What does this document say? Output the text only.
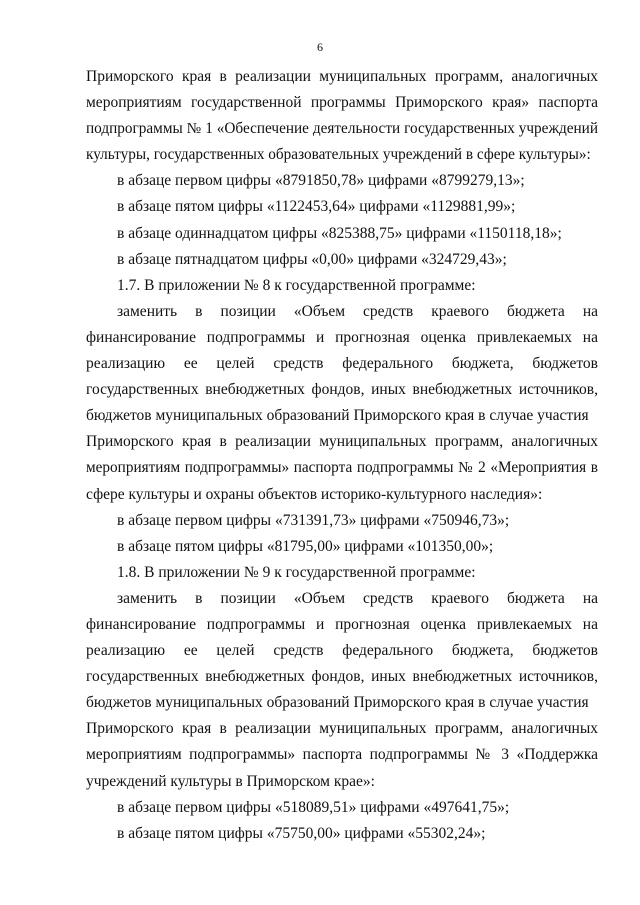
6
Приморского края в реализации муниципальных программ, аналогичных
мероприятиям государственной программы Приморского края» паспорта
подпрограммы № 1 «Обеспечение деятельности государственных учреждений
культуры, государственных образовательных учреждений в сфере культуры»:
в абзаце первом цифры «8791850,78» цифрами «8799279,13»;
в абзаце пятом цифры «1122453,64» цифрами «1129881,99»;
в абзаце одиннадцатом цифры «825388,75» цифрами «1150118,18»;
в абзаце пятнадцатом цифры «0,00» цифрами «324729,43»;
1.7. В приложении № 8 к государственной программе:
заменить в позиции «Объем средств краевого бюджета на
финансирование подпрограммы и прогнозная оценка привлекаемых на
реализацию ее целей средств федерального бюджета, бюджетов
государственных внебюджетных фондов, иных внебюджетных источников,
бюджетов муниципальных образований Приморского края в случае участия
Приморского края в реализации муниципальных программ, аналогичных
мероприятиям подпрограммы» паспорта подпрограммы № 2 «Мероприятия в
сфере культуры и охраны объектов историко-культурного наследия»:
в абзаце первом цифры «731391,73» цифрами «750946,73»;
в абзаце пятом цифры «81795,00» цифрами «101350,00»;
1.8. В приложении № 9 к государственной программе:
заменить в позиции «Объем средств краевого бюджета на
финансирование подпрограммы и прогнозная оценка привлекаемых на
реализацию ее целей средств федерального бюджета, бюджетов
государственных внебюджетных фондов, иных внебюджетных источников,
бюджетов муниципальных образований Приморского края в случае участия
Приморского края в реализации муниципальных программ, аналогичных
мероприятиям подпрограммы» паспорта подпрограммы № 3 «Поддержка
учреждений культуры в Приморском крае»:
в абзаце первом цифры «518089,51» цифрами «497641,75»;
в абзаце пятом цифры «75750,00» цифрами «55302,24»;
